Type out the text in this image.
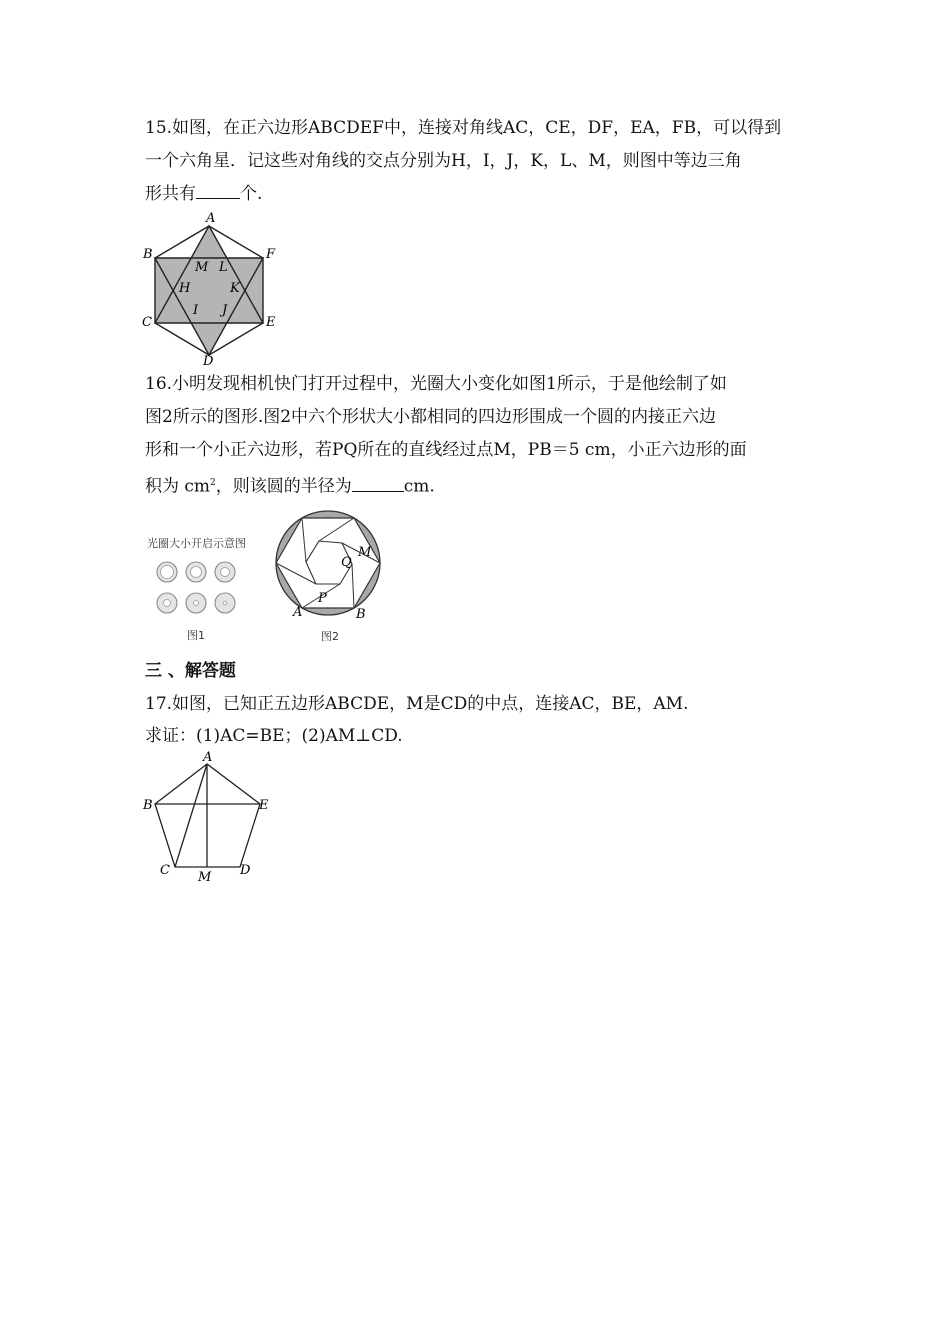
15.如图，在正六边形ABCDEF中，连接对角线AC，CE，DF，EA，FB，可以得到
一个六角星．记这些对角线的交点分别为H，I，J，K，L、M，则图中等边三角
形共有	个.
A
B	F
C	E
D
M L
H	K
I J
16.小明发现相机快门打开过程中，光圈大小变化如图1所示，于是他绘制了如
图2所示的图形.图2中六个形状大小都相同的四边形围成一个圆的内接正六边
形和一个小正六边形，若PQ所在的直线经过点M，PB＝5 cm，小正六边形的面
积为 $cm^2$，则该圆的半径为	cm.
光圈大小开启示意图
图1
M
Q
P
A	B
图2
三 、解答题
17.如图，已知正五边形ABCDE，M是CD的中点，连接AC，BE，AM.
求证：(1)AC=BE；(2)AM⊥CD.
A
B	E
C	D
M
